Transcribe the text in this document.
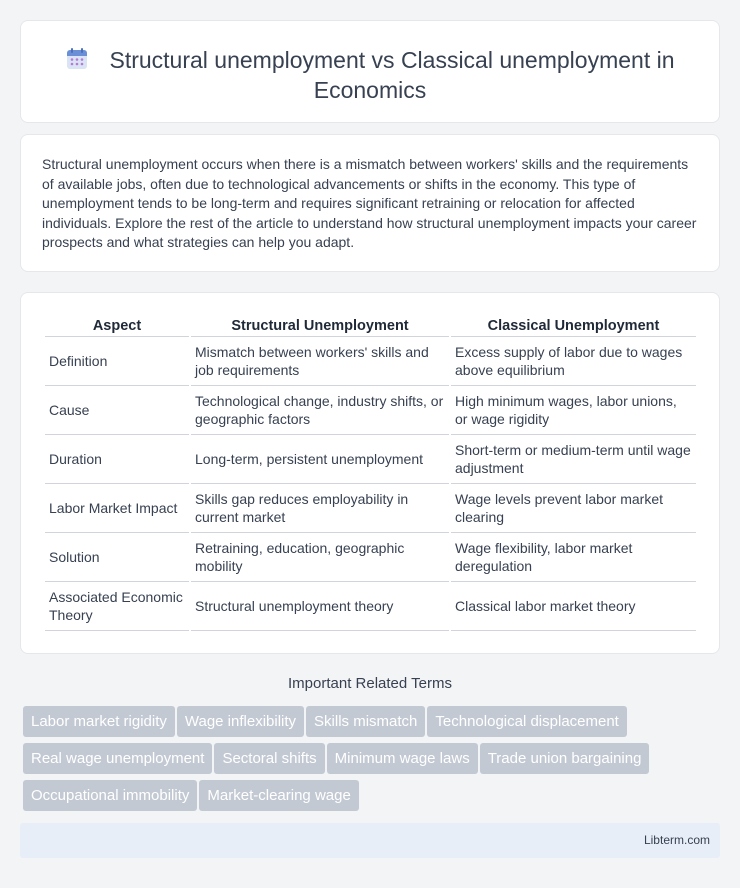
Structural unemployment vs Classical unemployment in Economics

Structural unemployment occurs when there is a mismatch between workers' skills and the requirements of available jobs, often due to technological advancements or shifts in the economy. This type of unemployment tends to be long-term and requires significant retraining or relocation for affected individuals. Explore the rest of the article to understand how structural unemployment impacts your career prospects and what strategies can help you adapt.

Aspect	Structural Unemployment	Classical Unemployment
Definition	Mismatch between workers' skills and job requirements	Excess supply of labor due to wages above equilibrium
Cause	Technological change, industry shifts, or geographic factors	High minimum wages, labor unions, or wage rigidity
Duration	Long-term, persistent unemployment	Short-term or medium-term until wage adjustment
Labor Market Impact	Skills gap reduces employability in current market	Wage levels prevent labor market clearing
Solution	Retraining, education, geographic mobility	Wage flexibility, labor market deregulation
Associated Economic Theory	Structural unemployment theory	Classical labor market theory
Important Related Terms
Labor market rigidity Wage inflexibility Skills mismatch Technological displacement
Real wage unemployment Sectoral shifts Minimum wage laws Trade union bargaining
Occupational immobility Market-clearing wage
Libterm.com
